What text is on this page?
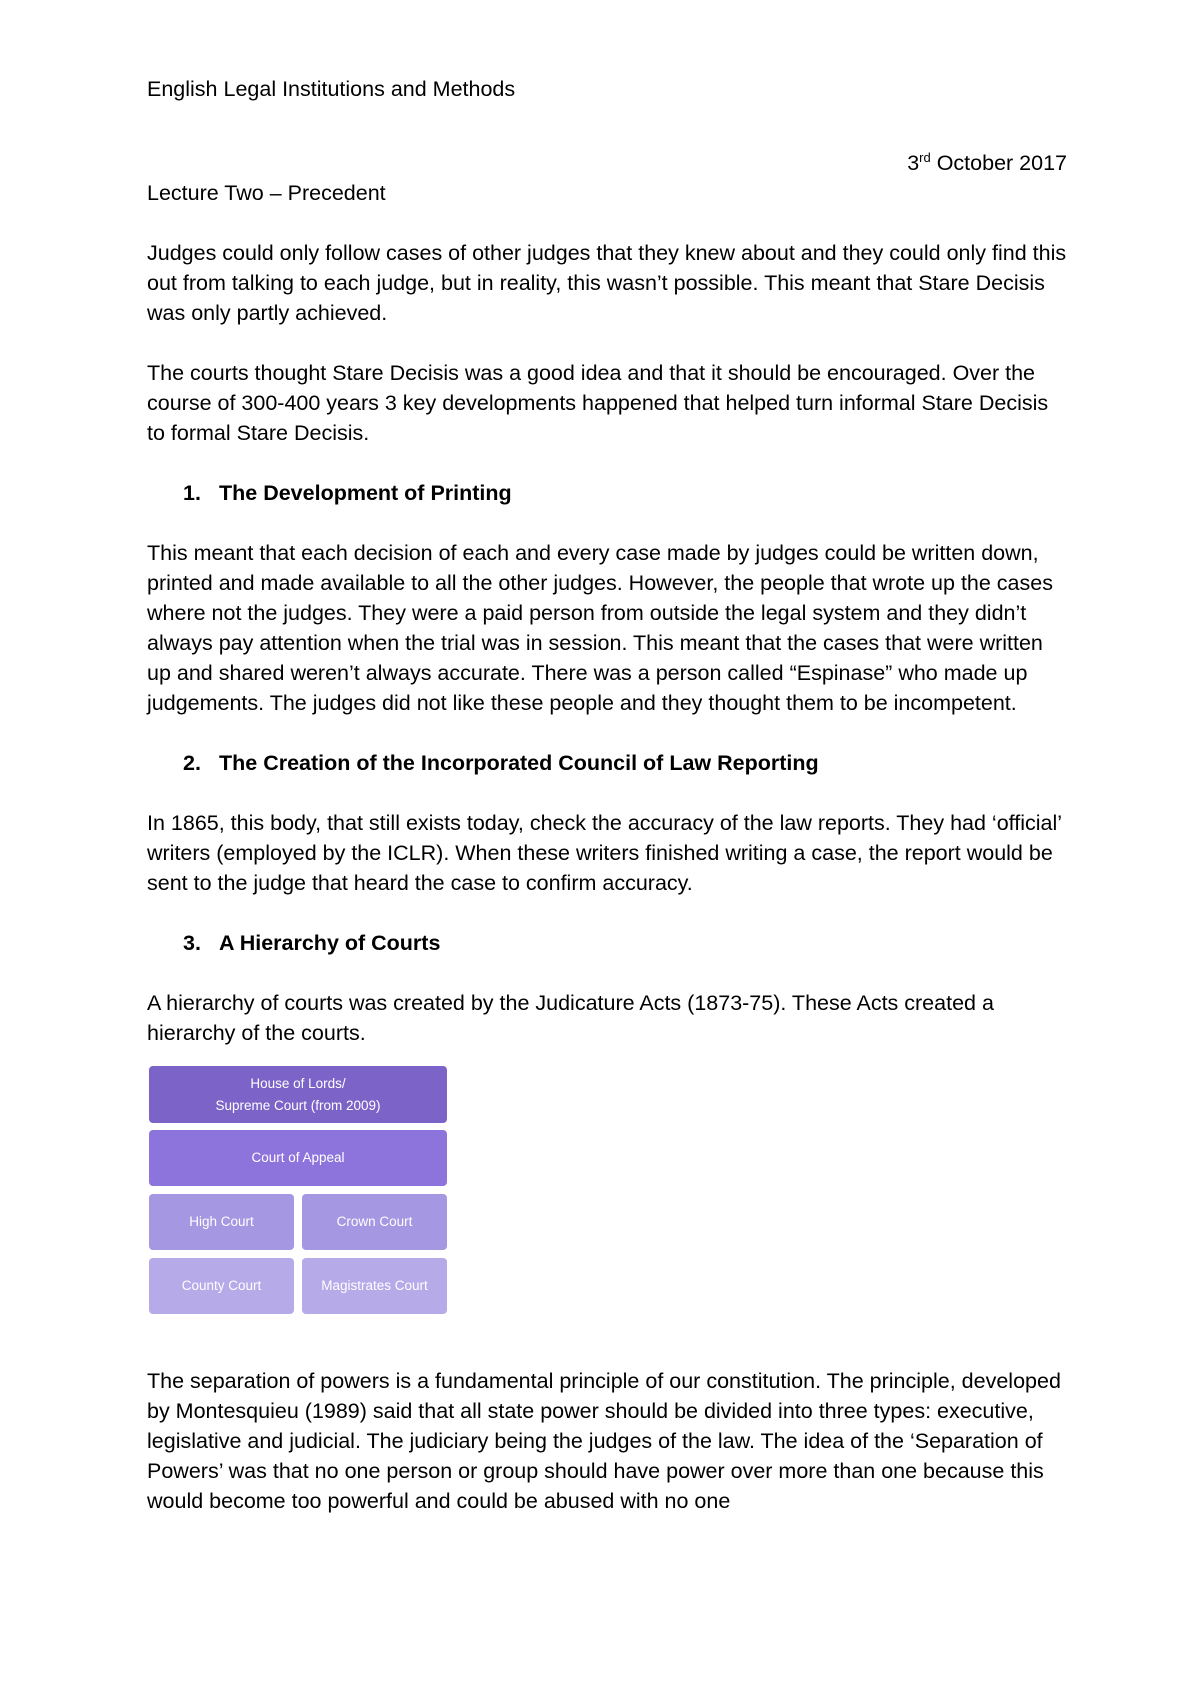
English Legal Institutions and Methods
3rd October 2017
Lecture Two – Precedent

Judges could only follow cases of other judges that they knew about and they could only find this out from talking to each judge, but in reality, this wasn’t possible. This meant that Stare Decisis was only partly achieved.

The courts thought Stare Decisis was a good idea and that it should be encouraged. Over the course of 300-400 years 3 key developments happened that helped turn informal Stare Decisis to formal Stare Decisis.

1. The Development of Printing

This meant that each decision of each and every case made by judges could be written down, printed and made available to all the other judges. However, the people that wrote up the cases where not the judges. They were a paid person from outside the legal system and they didn’t always pay attention when the trial was in session. This meant that the cases that were written up and shared weren’t always accurate. There was a person called “Espinase” who made up judgements. The judges did not like these people and they thought them to be incompetent.

2. The Creation of the Incorporated Council of Law Reporting

In 1865, this body, that still exists today, check the accuracy of the law reports. They had ‘official’ writers (employed by the ICLR). When these writers finished writing a case, the report would be sent to the judge that heard the case to confirm accuracy.

3. A Hierarchy of Courts

A hierarchy of courts was created by the Judicature Acts (1873-75). These Acts created a hierarchy of the courts.

House of Lords/
Supreme Court (from 2009)
Court of Appeal
High Court	Crown Court
County Court	Magistrates Court

The separation of powers is a fundamental principle of our constitution. The principle, developed by Montesquieu (1989) said that all state power should be divided into three types: executive, legislative and judicial. The judiciary being the judges of the law. The idea of the ‘Separation of Powers’ was that no one person or group should have power over more than one because this would become too powerful and could be abused with no one
